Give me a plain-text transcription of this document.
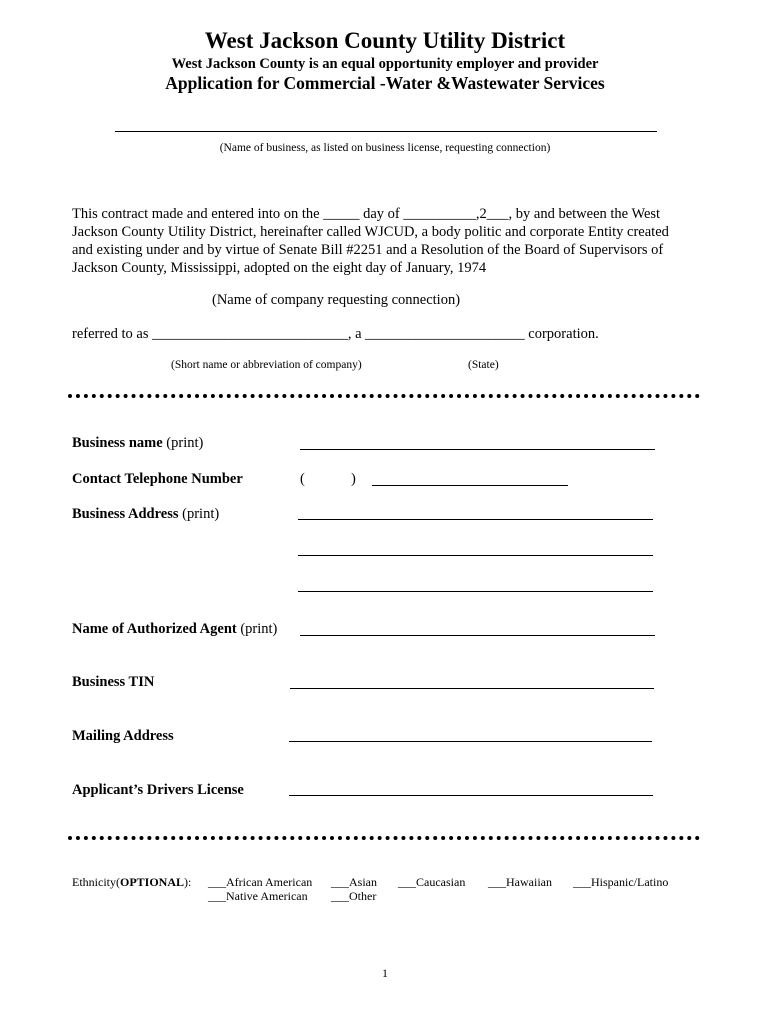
West Jackson County Utility District
West Jackson County is an equal opportunity employer and provider
Application for Commercial -Water &Wastewater Services
(Name of business, as listed on business license, requesting connection)
This contract made and entered into on the _____ day of __________,2___, by and between the West
Jackson County Utility District, hereinafter called WJCUD, a body politic and corporate Entity created
and existing under and by virtue of Senate Bill #2251 and a Resolution of the Board of Supervisors of
Jackson County, Mississippi, adopted on the eight day of January, 1974
(Name of company requesting connection)
referred to as ___________________________, a ______________________ corporation.
(Short name or abbreviation of company)	(State)
Business name (print)
Contact Telephone Number	(	)
Business Address (print)
Name of Authorized Agent (print)
Business TIN
Mailing Address
Applicant’s Drivers License
Ethnicity(OPTIONAL): ___African American ___Asian ___Caucasian ___Hawaiian ___Hispanic/Latino
___Native American ___Other
1
